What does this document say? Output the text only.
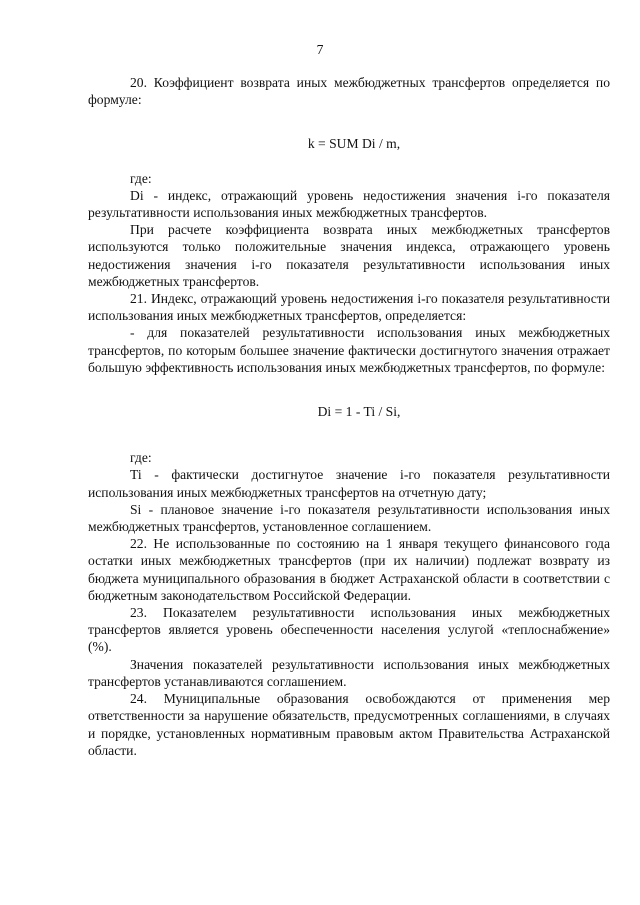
7

20. Коэффициент возврата иных межбюджетных трансфертов определяется по формуле:

k = SUM Di / m,

где:

Di - индекс, отражающий уровень недостижения значения i-го показателя результативности использования иных межбюджетных трансфертов.

При расчете коэффициента возврата иных межбюджетных трансфертов используются только положительные значения индекса, отражающего уровень недостижения значения i-го показателя результативности использования иных межбюджетных трансфертов.

21. Индекс, отражающий уровень недостижения i-го показателя результативности использования иных межбюджетных трансфертов, определяется:

- для показателей результативности использования иных межбюджетных трансфертов, по которым большее значение фактически достигнутого значения отражает большую эффективность использования иных межбюджетных трансфертов, по формуле:

Di = 1 - Ti / Si,

где:

Ti - фактически достигнутое значение i-го показателя результативности использования иных межбюджетных трансфертов на отчетную дату;

Si - плановое значение i-го показателя результативности использования иных межбюджетных трансфертов, установленное соглашением.

22. Не использованные по состоянию на 1 января текущего финансового года остатки иных межбюджетных трансфертов (при их наличии) подлежат возврату из бюджета муниципального образования в бюджет Астраханской области в соответствии с бюджетным законодательством Российской Федерации.

23. Показателем результативности использования иных межбюджетных трансфертов является уровень обеспеченности населения услугой «теплоснабжение» (%).

Значения показателей результативности использования иных межбюджетных трансфертов устанавливаются соглашением.

24. Муниципальные образования освобождаются от применения мер ответственности за нарушение обязательств, предусмотренных соглашениями, в случаях и порядке, установленных нормативным правовым актом Правительства Астраханской области.
